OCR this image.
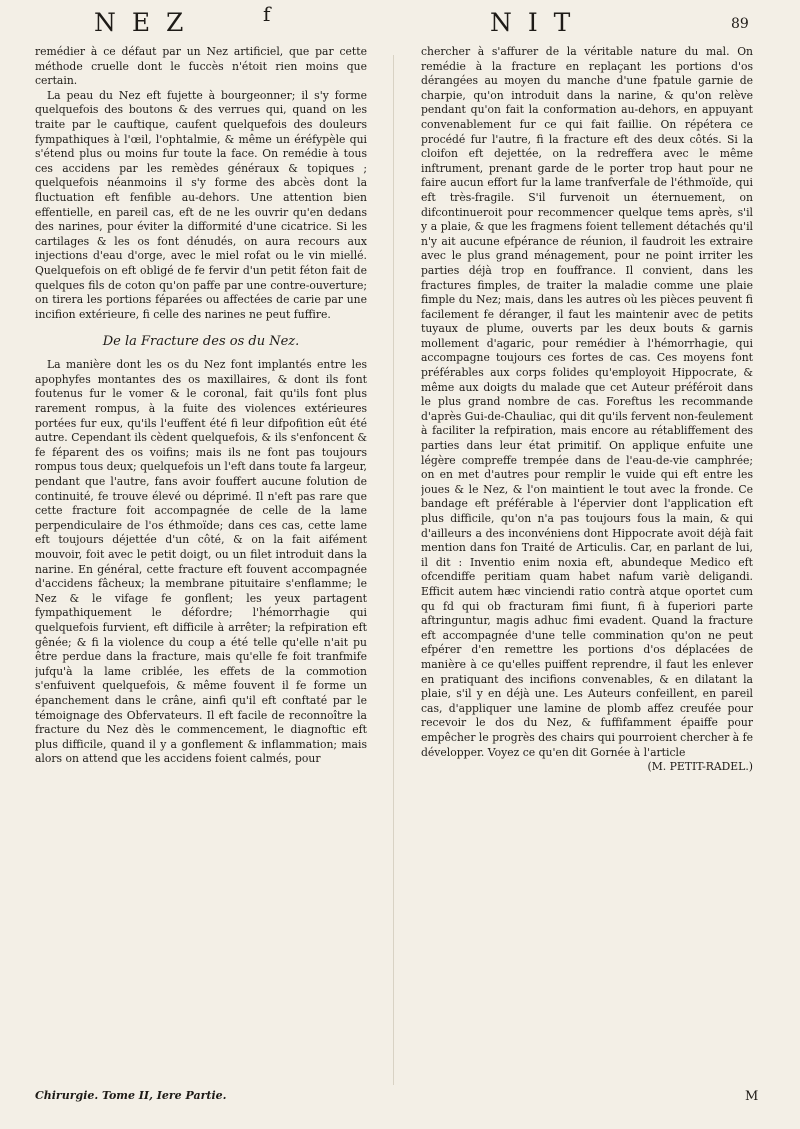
N E Z	f	N I T	89

remédier à ce défaut par un Nez artificiel, que par cette méthode cruelle dont le fuccès n'étoit rien moins que certain.

La peau du Nez eft fujette à bourgeonner; il s'y forme quelquefois des boutons & des verrues qui, quand on les traite par le cauftique, caufent quelquefois des douleurs fympathiques à l'œil, l'ophtalmie, & même un éréfypèle qui s'étend plus ou moins fur toute la face. On remédie à tous ces accidens par les remèdes généraux & topiques ; quelquefois néanmoins il s'y forme des abcès dont la fluctuation eft fenfible au-dehors. Une attention bien effentielle, en pareil cas, eft de ne les ouvrir qu'en dedans des narines, pour éviter la difformité d'une cicatrice. Si les cartilages & les os font dénudés, on aura recours aux injections d'eau d'orge, avec le miel rofat ou le vin miellé. Quelquefois on eft obligé de fe fervir d'un petit féton fait de quelques fils de coton qu'on paffe par une contre-ouverture; on tirera les portions féparées ou affectées de carie par une incifion extérieure, fi celle des narines ne peut fuffire.

De la Fracture des os du Nez.

La manière dont les os du Nez font implantés entre les apophyfes montantes des os maxillaires, & dont ils font foutenus fur le vomer & le coronal, fait qu'ils font plus rarement rompus, à la fuite des violences extérieures portées fur eux, qu'ils l'euffent été fi leur difpofition eût été autre. Cependant ils cèdent quelquefois, & ils s'enfoncent & fe féparent des os voifins; mais ils ne font pas toujours rompus tous deux; quelquefois un l'eft dans toute fa largeur, pendant que l'autre, fans avoir fouffert aucune folution de continuité, fe trouve élevé ou déprimé. Il n'eft pas rare que cette fracture foit accompagnée de celle de la lame perpendiculaire de l'os éthmoïde; dans ces cas, cette lame eft toujours déjettée d'un côté, & on la fait aifément mouvoir, foit avec le petit doigt, ou un filet introduit dans la narine. En général, cette fracture eft fouvent accompagnée d'accidens fâcheux; la membrane pituitaire s'enflamme; le Nez & le vifage fe gonflent; les yeux partagent fympathiquement le défordre; l'hémorrhagie qui quelquefois furvient, eft difficile à arrêter; la refpiration eft gênée; & fi la violence du coup a été telle qu'elle n'ait pu être perdue dans la fracture, mais qu'elle fe foit tranfmife jufqu'à la lame criblée, les effets de la commotion s'enfuivent quelquefois, & même fouvent il fe forme un épanchement dans le crâne, ainfi qu'il eft conftaté par le témoignage des Obfervateurs. Il eft facile de reconnoître la fracture du Nez dès le commencement, le diagnoftic eft plus difficile, quand il y a gonflement & inflammation; mais alors on attend que les accidens foient calmés, pour

chercher à s'affurer de la véritable nature du mal. On remédie à la fracture en replaçant les portions d'os dérangées au moyen du manche d'une fpatule garnie de charpie, qu'on introduit dans la narine, & qu'on relève pendant qu'on fait la conformation au-dehors, en appuyant convenablement fur ce qui fait faillie. On répétera ce procédé fur l'autre, fi la fracture eft des deux côtés. Si la cloifon eft dejettée, on la redreffera avec le même inftrument, prenant garde de le porter trop haut pour ne faire aucun effort fur la lame tranfverfale de l'éthmoïde, qui eft très-fragile. S'il furvenoit un éternuement, on difcontinueroit pour recommencer quelque tems après, s'il y a plaie, & que les fragmens foient tellement détachés qu'il n'y ait aucune efpérance de réunion, il faudroit les extraire avec le plus grand ménagement, pour ne point irriter les parties déjà trop en fouffrance. Il convient, dans les fractures fimples, de traiter la maladie comme une plaie fimple du Nez; mais, dans les autres où les pièces peuvent fi facilement fe déranger, il faut les maintenir avec de petits tuyaux de plume, ouverts par les deux bouts & garnis mollement d'agaric, pour remédier à l'hémorrhagie, qui accompagne toujours ces fortes de cas. Ces moyens font préférables aux corps folides qu'employoit Hippocrate, & même aux doigts du malade que cet Auteur préféroit dans le plus grand nombre de cas. Foreftus les recommande d'après Gui-de-Chauliac, qui dit qu'ils fervent non-feulement à faciliter la refpiration, mais encore au rétabliffement des parties dans leur état primitif. On applique enfuite une légère compreffe trempée dans de l'eau-de-vie camphrée; on en met d'autres pour remplir le vuide qui eft entre les joues & le Nez, & l'on maintient le tout avec la fronde. Ce bandage eft préférable à l'épervier dont l'application eft plus difficile, qu'on n'a pas toujours fous la main, & qui d'ailleurs a des inconvéniens dont Hippocrate avoit déjà fait mention dans fon Traité de Articulis. Car, en parlant de lui, il dit : Inventio enim noxia eft, abundeque Medico eft ofcendiffe peritiam quam habet nafum variè deligandi. Efficit autem hæc vinciendi ratio contrà atque oportet cum qu fd qui ob fracturam fimi fiunt, fi à fuperiori parte aftringuntur, magis adhuc fimi evadent. Quand la fracture eft accompagnée d'une telle commination qu'on ne peut efpérer d'en remettre les portions d'os déplacées de manière à ce qu'elles puiffent reprendre, il faut les enlever en pratiquant des incifions convenables, & en dilatant la plaie, s'il y en déjà une. Les Auteurs confeillent, en pareil cas, d'appliquer une lamine de plomb affez creufée pour recevoir le dos du Nez, & fuffifamment épaiffe pour empêcher le progrès des chairs qui pourroient chercher à fe développer. Voyez ce qu'en dit Gornée à l'article

(M. PETIT-RADEL.)

Chirurgie. Tome II, Iere Partie.	M
